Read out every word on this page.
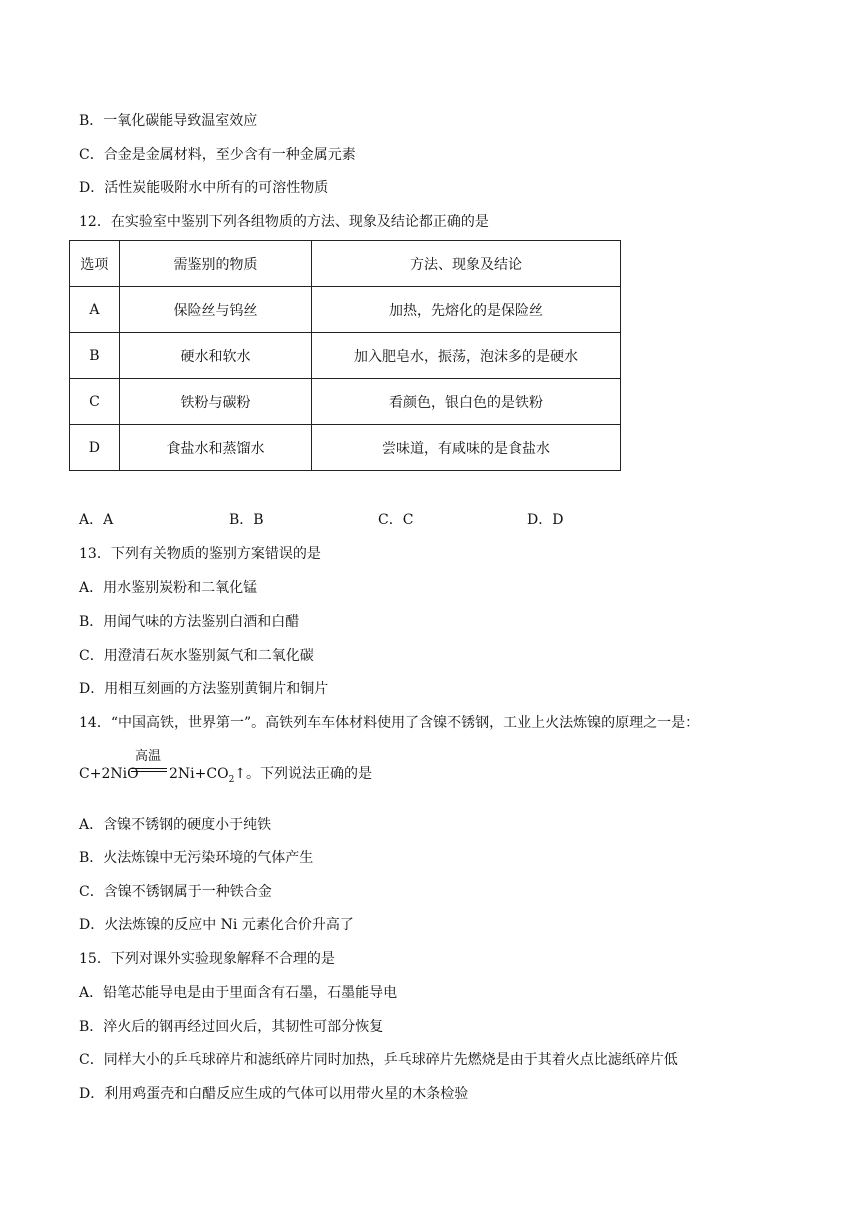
B．一氧化碳能导致温室效应
C．合金是金属材料，至少含有一种金属元素
D．活性炭能吸附水中所有的可溶性物质
12．在实验室中鉴别下列各组物质的方法、现象及结论都正确的是
选项	需鉴别的物质	方法、现象及结论
A	保险丝与钨丝	加热，先熔化的是保险丝
B	硬水和软水	加入肥皂水，振荡，泡沫多的是硬水
C	铁粉与碳粉	看颜色，银白色的是铁粉
D	食盐水和蒸馏水	尝味道，有咸味的是食盐水
A．A	B．B	C．C	D．D
13．下列有关物质的鉴别方案错误的是
A．用水鉴别炭粉和二氧化锰
B．用闻气味的方法鉴别白酒和白醋
C．用澄清石灰水鉴别氮气和二氧化碳
D．用相互刻画的方法鉴别黄铜片和铜片
14．“中国高铁，世界第一”。高铁列车车体材料使用了含镍不锈钢，工业上火法炼镍的原理之一是：
C+2NiO
高温
$2Ni+CO_2↑$。下列说法正确的是
A．含镍不锈钢的硬度小于纯铁
B．火法炼镍中无污染环境的气体产生
C．含镍不锈钢属于一种铁合金
D．火法炼镍的反应中 Ni 元素化合价升高了
15．下列对课外实验现象解释不合理的是
A．铅笔芯能导电是由于里面含有石墨，石墨能导电
B．淬火后的钢再经过回火后，其韧性可部分恢复
C．同样大小的乒乓球碎片和滤纸碎片同时加热，乒乓球碎片先燃烧是由于其着火点比滤纸碎片低
D．利用鸡蛋壳和白醋反应生成的气体可以用带火星的木条检验
